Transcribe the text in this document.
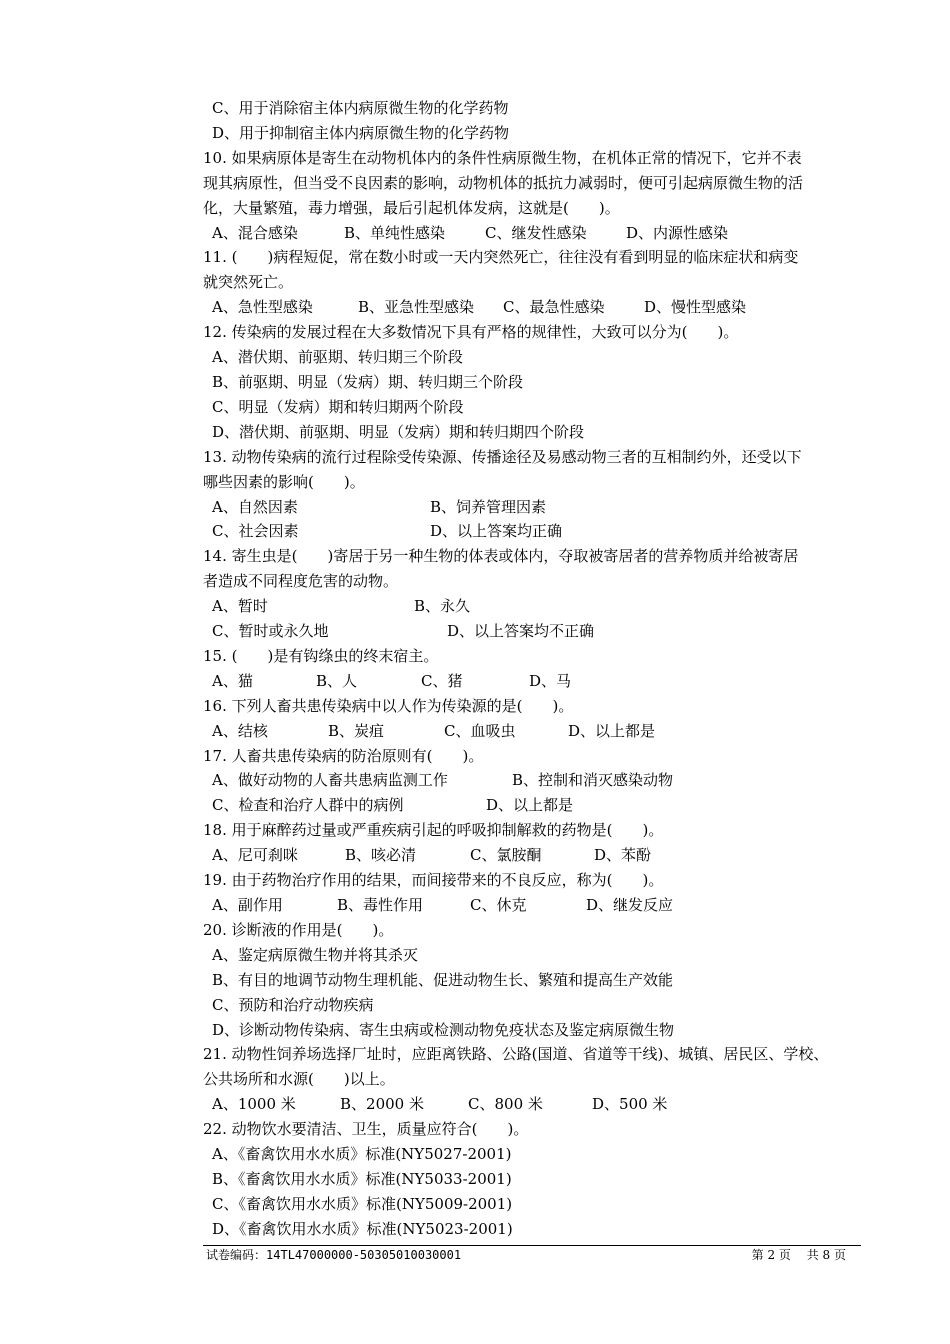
C、用于消除宿主体内病原微生物的化学药物
D、用于抑制宿主体内病原微生物的化学药物
10. 如果病原体是寄生在动物机体内的条件性病原微生物，在机体正常的情况下，它并不表
现其病原性，但当受不良因素的影响，动物机体的抵抗力减弱时，便可引起病原微生物的活
化，大量繁殖，毒力增强，最后引起机体发病，这就是(　　)。
A、混合感染	B、单纯性感染	C、继发性感染	D、内源性感染
11. (　　)病程短促，常在数小时或一天内突然死亡，往往没有看到明显的临床症状和病变
就突然死亡。
A、急性型感染	B、亚急性型感染	C、最急性感染	D、慢性型感染
12. 传染病的发展过程在大多数情况下具有严格的规律性，大致可以分为(　　)。
A、潜伏期、前驱期、转归期三个阶段
B、前驱期、明显（发病）期、转归期三个阶段
C、明显（发病）期和转归期两个阶段
D、潜伏期、前驱期、明显（发病）期和转归期四个阶段
13. 动物传染病的流行过程除受传染源、传播途径及易感动物三者的互相制约外，还受以下
哪些因素的影响(　　)。
A、自然因素	B、饲养管理因素
C、社会因素	D、以上答案均正确
14. 寄生虫是(　　)寄居于另一种生物的体表或体内，夺取被寄居者的营养物质并给被寄居
者造成不同程度危害的动物。
A、暂时	B、永久
C、暂时或永久地	D、以上答案均不正确
15. (　　)是有钩绦虫的终末宿主。
A、猫	B、人	C、猪	D、马
16. 下列人畜共患传染病中以人作为传染源的是(　　)。
A、结核	B、炭疽	C、血吸虫	D、以上都是
17. 人畜共患传染病的防治原则有(　　)。
A、做好动物的人畜共患病监测工作	B、控制和消灭感染动物
C、检查和治疗人群中的病例	D、以上都是
18. 用于麻醉药过量或严重疾病引起的呼吸抑制解救的药物是(　　)。
A、尼可刹咪	B、咳必清	C、氯胺酮	D、苯酚
19. 由于药物治疗作用的结果，而间接带来的不良反应，称为(　　)。
A、副作用	B、毒性作用	C、休克	D、继发反应
20. 诊断液的作用是(　　)。
A、鉴定病原微生物并将其杀灭
B、有目的地调节动物生理机能、促进动物生长、繁殖和提高生产效能
C、预防和治疗动物疾病
D、诊断动物传染病、寄生虫病或检测动物免疫状态及鉴定病原微生物
21. 动物性饲养场选择厂址时，应距离铁路、公路(国道、省道等干线)、城镇、居民区、学校、
公共场所和水源(　　)以上。
A、1000 米	B、2000 米	C、800 米	D、500 米
22. 动物饮水要清洁、卫生，质量应符合(　　)。
A、《畜禽饮用水水质》标准(NY5027-2001)
B、《畜禽饮用水水质》标准(NY5033-2001)
C、《畜禽饮用水水质》标准(NY5009-2001)
D、《畜禽饮用水水质》标准(NY5023-2001)
试卷编码：14TL47000000-50305010030001	第 2 页　 共 8 页
